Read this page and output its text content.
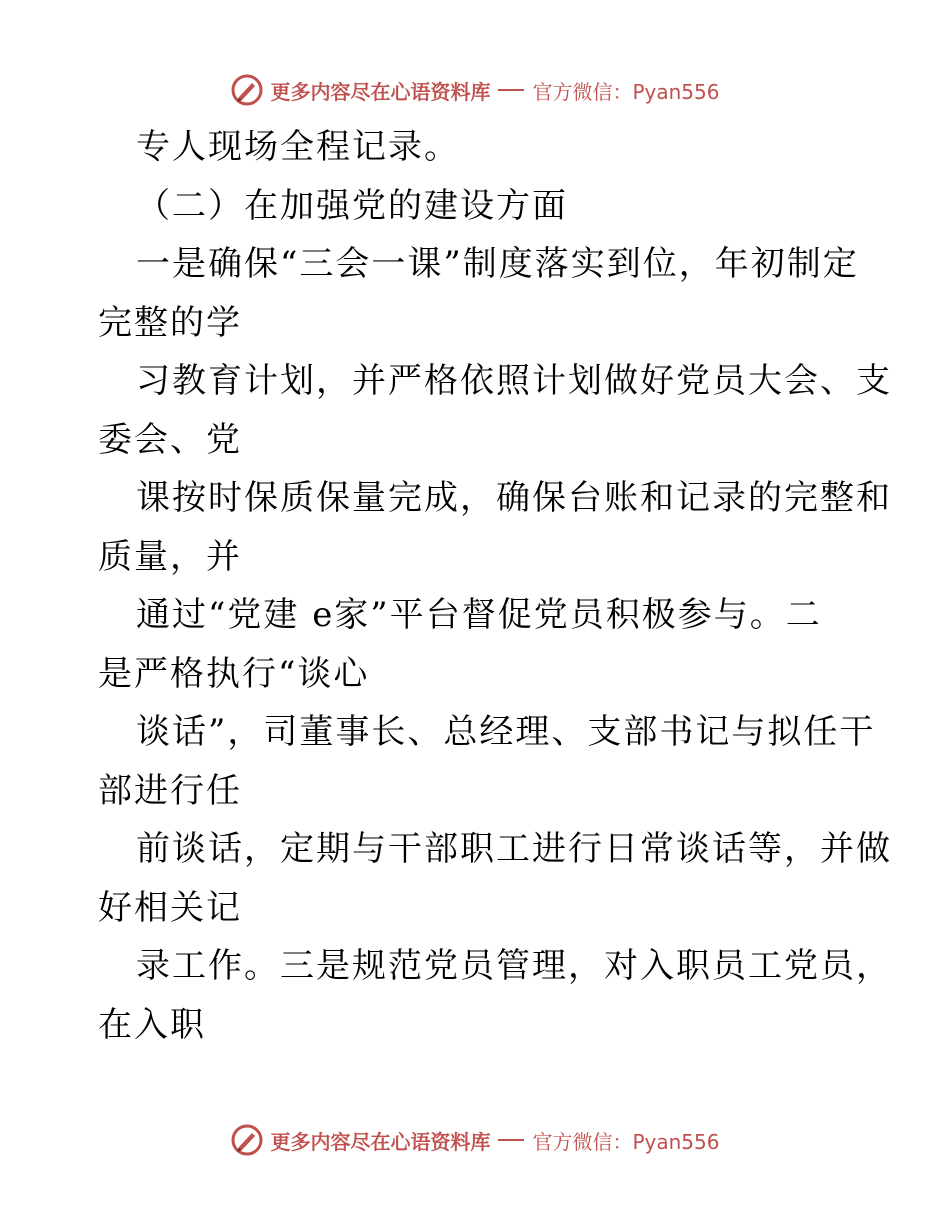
更多内容尽在心语资料库 官方微信：Pyan556
专人现场全程记录。
（二）在加强党的建设方面
一是确保“三会一课”制度落实到位，年初制定
完整的学
习教育计划，并严格依照计划做好党员大会、支
委会、党
课按时保质保量完成，确保台账和记录的完整和
质量，并
通过“党建 e家”平台督促党员积极参与。二
是严格执行“谈心
谈话”，司董事长、总经理、支部书记与拟任干
部进行任
前谈话，定期与干部职工进行日常谈话等，并做
好相关记
录工作。三是规范党员管理，对入职员工党员，
在入职
更多内容尽在心语资料库 官方微信：Pyan556
